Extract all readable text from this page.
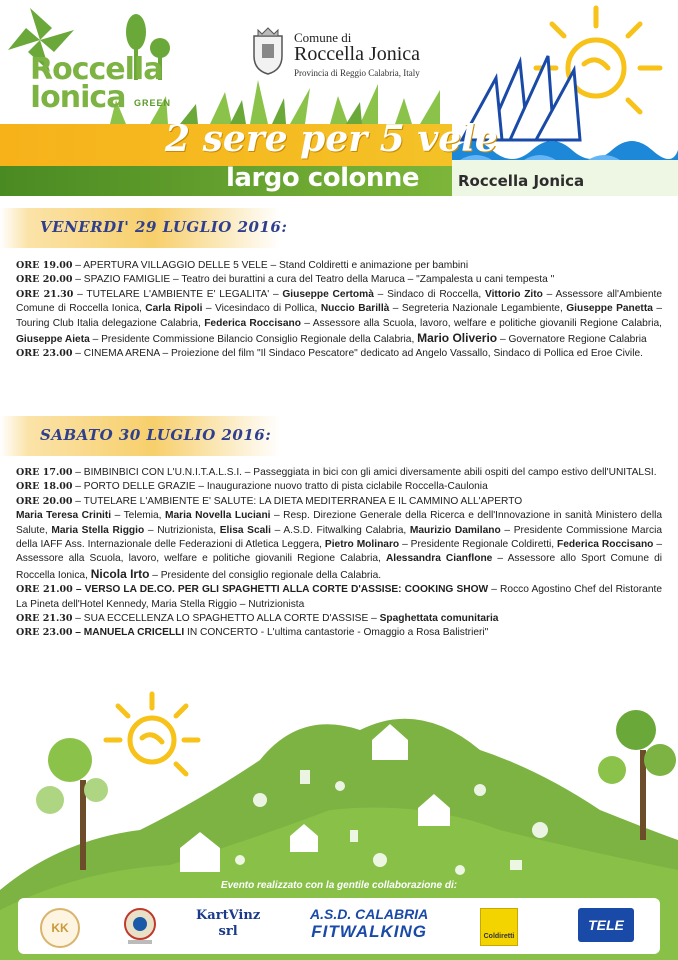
Roccella
Ionica GREEN
Comune di
Roccella Jonica
Provincia di Reggio Calabria, Italy
2 sere per 5 vele
largo colonne	Roccella Jonica
VENERDI' 29 LUGLIO 2016:

ORE 19.00 – APERTURA VILLAGGIO DELLE 5 VELE – Stand Coldiretti e animazione per bambini

ORE 20.00 – SPAZIO FAMIGLIE – Teatro dei burattini a cura del Teatro della Maruca – "Zampalesta u cani tempesta "

ORE 21.30 – TUTELARE L'AMBIENTE E' LEGALITA' – Giuseppe Certomà – Sindaco di Roccella, Vittorio Zito – Assessore all'Ambiente Comune di Roccella Ionica, Carla Ripoli – Vicesindaco di Pollica, Nuccio Barillà – Segreteria Nazionale Legambiente, Giuseppe Panetta – Touring Club Italia delegazione Calabria, Federica Roccisano – Assessore alla Scuola, lavoro, welfare e politiche giovanili Regione Calabria, Giuseppe Aieta – Presidente Commissione Bilancio Consiglio Regionale della Calabria, Mario Oliverio – Governatore Regione Calabria

ORE 23.00 – CINEMA ARENA – Proiezione del film "Il Sindaco Pescatore" dedicato ad Angelo Vassallo, Sindaco di Pollica ed Eroe Civile.

SABATO 30 LUGLIO 2016:

ORE 17.00 – BIMBINBICI CON L'U.N.I.T.A.L.S.I. – Passeggiata in bici con gli amici diversamente abili ospiti del campo estivo dell'UNITALSI.

ORE 18.00 – PORTO DELLE GRAZIE – Inaugurazione nuovo tratto di pista ciclabile Roccella-Caulonia

ORE 20.00 – TUTELARE L'AMBIENTE E' SALUTE: LA DIETA MEDITERRANEA E IL CAMMINO ALL'APERTO

Maria Teresa Criniti – Telemia, Maria Novella Luciani – Resp. Direzione Generale della Ricerca e dell'Innovazione in sanità Ministero della Salute, Maria Stella Riggio – Nutrizionista, Elisa Scali – A.S.D. Fitwalking Calabria, Maurizio Damilano – Presidente Commissione Marcia della IAFF Ass. Internazionale delle Federazioni di Atletica Leggera, Pietro Molinaro – Presidente Regionale Coldiretti, Federica Roccisano – Assessore alla Scuola, lavoro, welfare e politiche giovanili Regione Calabria, Alessandra Cianflone – Assessore allo Sport Comune di Roccella Ionica, Nicola Irto – Presidente del consiglio regionale della Calabria.

ORE 21.00 – VERSO LA DE.CO. PER GLI SPAGHETTI ALLA CORTE D'ASSISE: COOKING SHOW – Rocco Agostino Chef del Ristorante La Pineta dell'Hotel Kennedy, Maria Stella Riggio – Nutrizionista

ORE 21.30 – SUA ECCELLENZA LO SPAGHETTO ALLA CORTE D'ASSISE – Spaghettata comunitaria

ORE 23.00 – MANUELA CRICELLI IN CONCERTO - L'ultima cantastorie - Omaggio a Rosa Balistrieri"

Evento realizzato con la gentile collaborazione di:
KK
KartVinz
srl
A.S.D. CALABRIA
FITWALKING	Coldiretti
TELE
